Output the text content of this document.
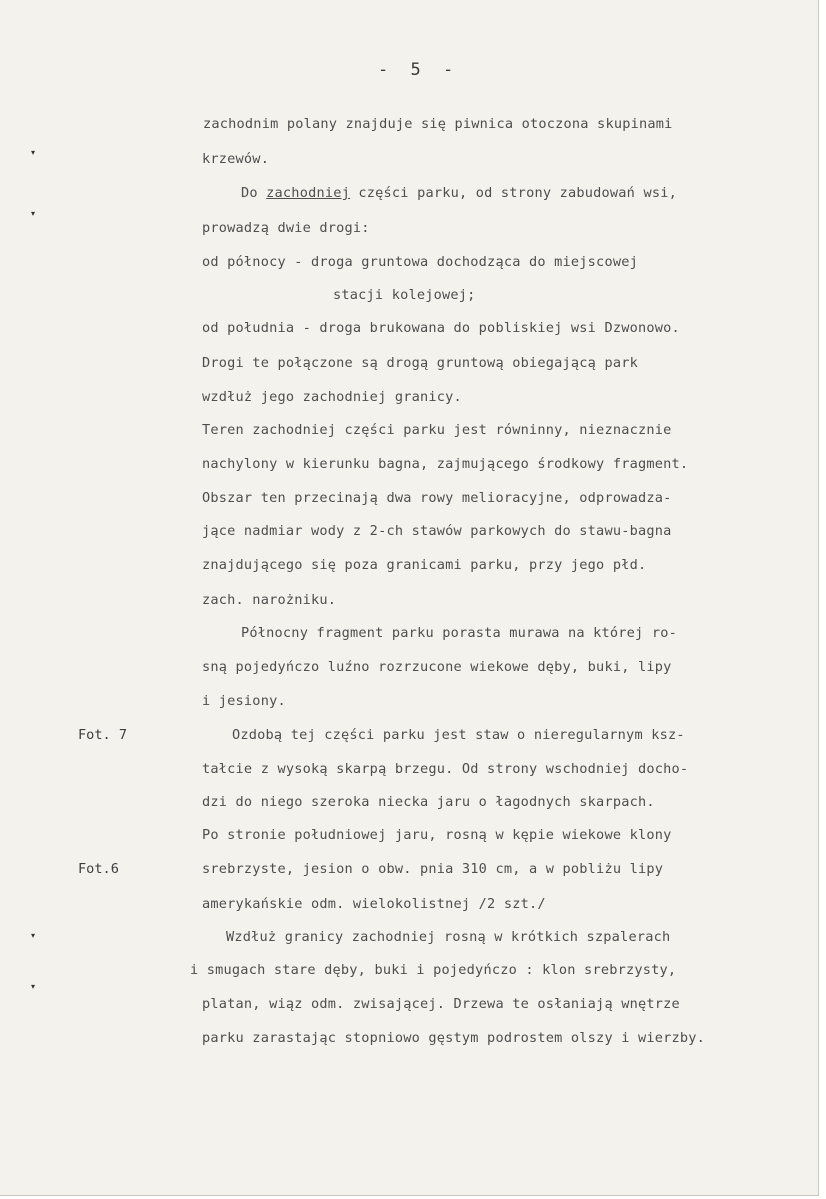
- 5 -
zachodnim polany znajduje się piwnica otoczona skupinami
krzewów.
Do zachodniej części parku, od strony zabudowań wsi,
prowadzą dwie drogi:
od północy - droga gruntowa dochodząca do miejscowej
stacji kolejowej;
od południa - droga brukowana do pobliskiej wsi Dzwonowo.
Drogi te połączone są drogą gruntową obiegającą park
wzdłuż jego zachodniej granicy.
Teren zachodniej części parku jest równinny, nieznacznie
nachylony w kierunku bagna, zajmującego środkowy fragment.
Obszar ten przecinają dwa rowy melioracyjne, odprowadza-
jące nadmiar wody z 2-ch stawów parkowych do stawu-bagna
znajdującego się poza granicami parku, przy jego płd.
zach. narożniku.
Północny fragment parku porasta murawa na której ro-
sną pojedyńczo luźno rozrzucone wiekowe dęby, buki, lipy
i jesiony.
Ozdobą tej części parku jest staw o nieregularnym ksz-
tałcie z wysoką skarpą brzegu. Od strony wschodniej docho-
dzi do niego szeroka niecka jaru o łagodnych skarpach.
Po stronie południowej jaru, rosną w kępie wiekowe klony
srebrzyste, jesion o obw. pnia 310 cm, a w pobliżu lipy
amerykańskie odm. wielokolistnej /2 szt./
Wzdłuż granicy zachodniej rosną w krótkich szpalerach
i smugach stare dęby, buki i pojedyńczo : klon srebrzysty,
platan, wiąz odm. zwisającej. Drzewa te osłaniają wnętrze
parku zarastając stopniowo gęstym podrostem olszy i wierzby.
Fot. 7
Fot.6
▾
▾
▾
▾
